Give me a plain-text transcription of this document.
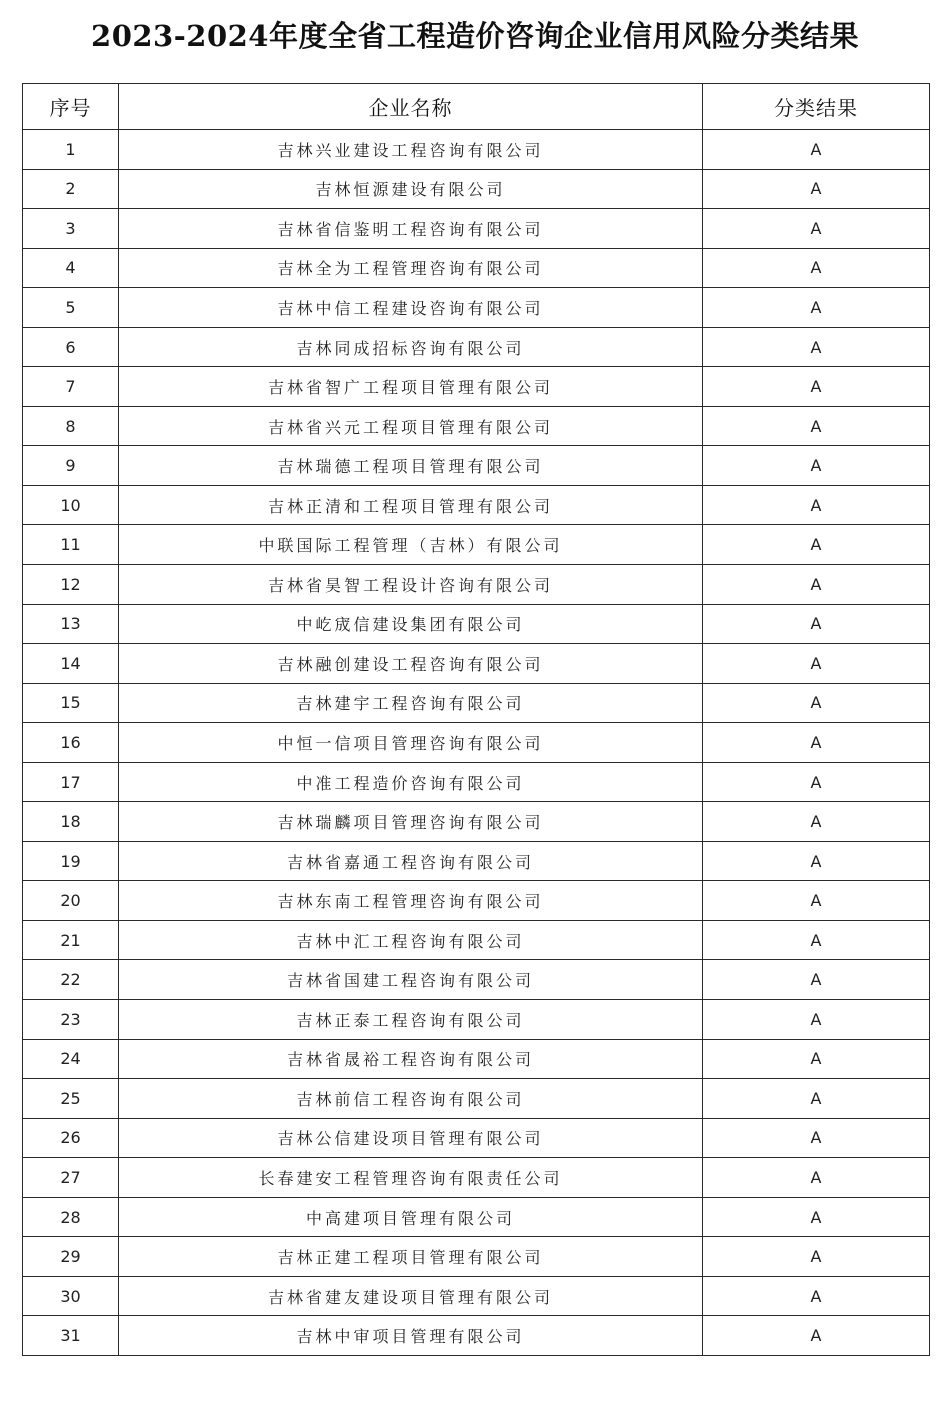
2023-2024年度全省工程造价咨询企业信用风险分类结果
序号	企业名称	分类结果
1	吉林兴业建设工程咨询有限公司	A
2	吉林恒源建设有限公司	A
3	吉林省信鉴明工程咨询有限公司	A
4	吉林全为工程管理咨询有限公司	A
5	吉林中信工程建设咨询有限公司	A
6	吉林同成招标咨询有限公司	A
7	吉林省智广工程项目管理有限公司	A
8	吉林省兴元工程项目管理有限公司	A
9	吉林瑞德工程项目管理有限公司	A
10	吉林正清和工程项目管理有限公司	A
11	中联国际工程管理（吉林）有限公司	A
12	吉林省昊智工程设计咨询有限公司	A
13	中屹宬信建设集团有限公司	A
14	吉林融创建设工程咨询有限公司	A
15	吉林建宇工程咨询有限公司	A
16	中恒一信项目管理咨询有限公司	A
17	中准工程造价咨询有限公司	A
18	吉林瑞麟项目管理咨询有限公司	A
19	吉林省嘉通工程咨询有限公司	A
20	吉林东南工程管理咨询有限公司	A
21	吉林中汇工程咨询有限公司	A
22	吉林省国建工程咨询有限公司	A
23	吉林正泰工程咨询有限公司	A
24	吉林省晟裕工程咨询有限公司	A
25	吉林前信工程咨询有限公司	A
26	吉林公信建设项目管理有限公司	A
27	长春建安工程管理咨询有限责任公司	A
28	中高建项目管理有限公司	A
29	吉林正建工程项目管理有限公司	A
30	吉林省建友建设项目管理有限公司	A
31	吉林中审项目管理有限公司	A
